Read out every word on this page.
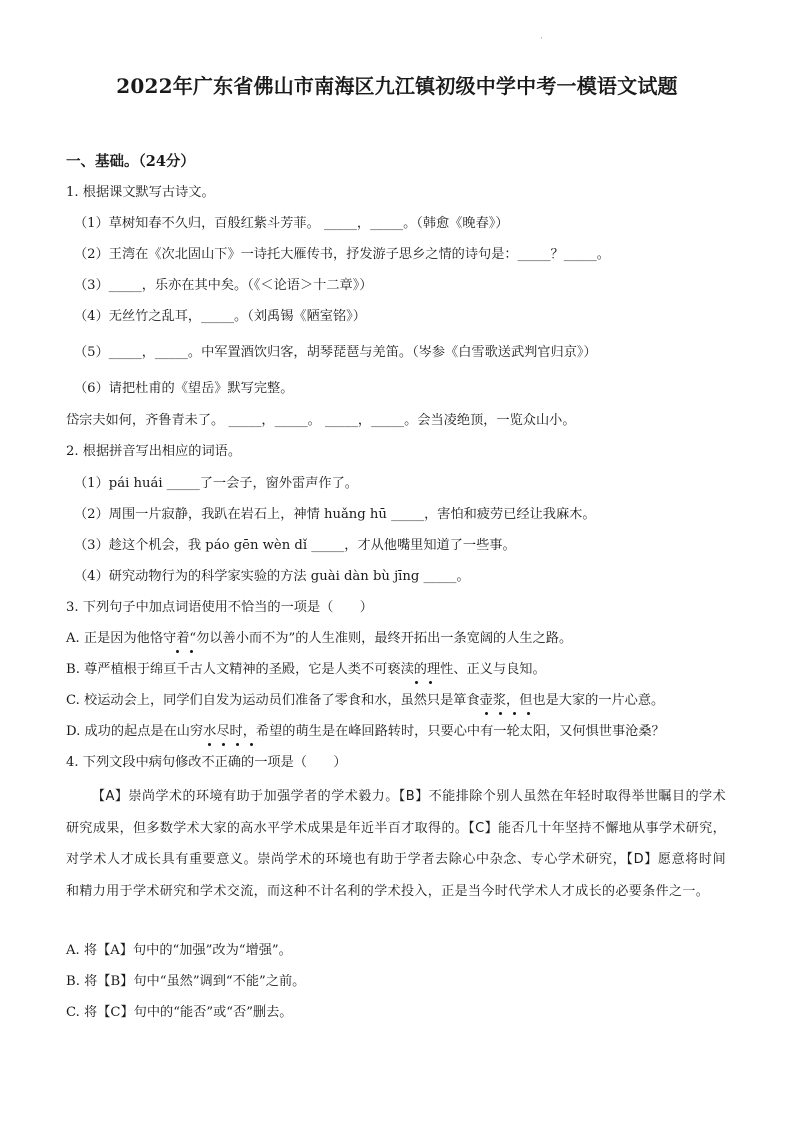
·
2022年广东省佛山市南海区九江镇初级中学中考一模语文试题
一、基础。（24分）
1. 根据课文默写古诗文。
（1）草树知春不久归，百般红紫斗芳菲。 _____，_____。（韩愈《晚春》）
（2）王湾在《次北固山下》一诗托大雁传书，抒发游子思乡之情的诗句是：_____？_____。
（3）_____，乐亦在其中矣。（《＜论语＞十二章》）
（4）无丝竹之乱耳，_____。（刘禹锡《陋室铭》）
（5）_____，_____。中军置酒饮归客，胡琴琵琶与羌笛。（岑参《白雪歌送武判官归京》）
（6）请把杜甫的《望岳》默写完整。
岱宗夫如何，齐鲁青未了。 _____，_____。 _____，_____。会当凌绝顶，一览众山小。
2. 根据拼音写出相应的词语。
（1）pái huái _____了一会子，窗外雷声作了。
（2）周围一片寂静，我趴在岩石上，神情 huǎng hū _____，害怕和疲劳已经让我麻木。
（3）趁这个机会，我 páo gēn wèn dǐ _____，才从他嘴里知道了一些事。
（4）研究动物行为的科学家实验的方法 guài dàn bù jīng _____。
3. 下列句子中加点词语使用不恰当的一项是（　　）
A. 正是因为他恪守着“勿以善小而不为”的人生准则，最终开拓出一条宽阔的人生之路。
B. 尊严植根于绵亘千古人文精神的圣殿，它是人类不可亵渎的理性、正义与良知。
C. 校运动会上，同学们自发为运动员们准备了零食和水，虽然只是箪食壶浆，但也是大家的一片心意。
D. 成功的起点是在山穷水尽时，希望的萌生是在峰回路转时，只要心中有一轮太阳，又何惧世事沧桑？
4. 下列文段中病句修改不正确的一项是（　　）
【A】崇尚学术的环境有助于加强学者的学术毅力。【B】不能排除个别人虽然在年轻时取得举世瞩目的学术研究成果，但多数学术大家的高水平学术成果是年近半百才取得的。【C】能否几十年坚持不懈地从事学术研究，对学术人才成长具有重要意义。崇尚学术的环境也有助于学者去除心中杂念、专心学术研究，【D】愿意将时间和精力用于学术研究和学术交流，而这种不计名利的学术投入，正是当今时代学术人才成长的必要条件之一。
A. 将【A】句中的“加强”改为“增强”。
B. 将【B】句中“虽然”调到“不能”之前。
C. 将【C】句中的“能否”或“否”删去。
